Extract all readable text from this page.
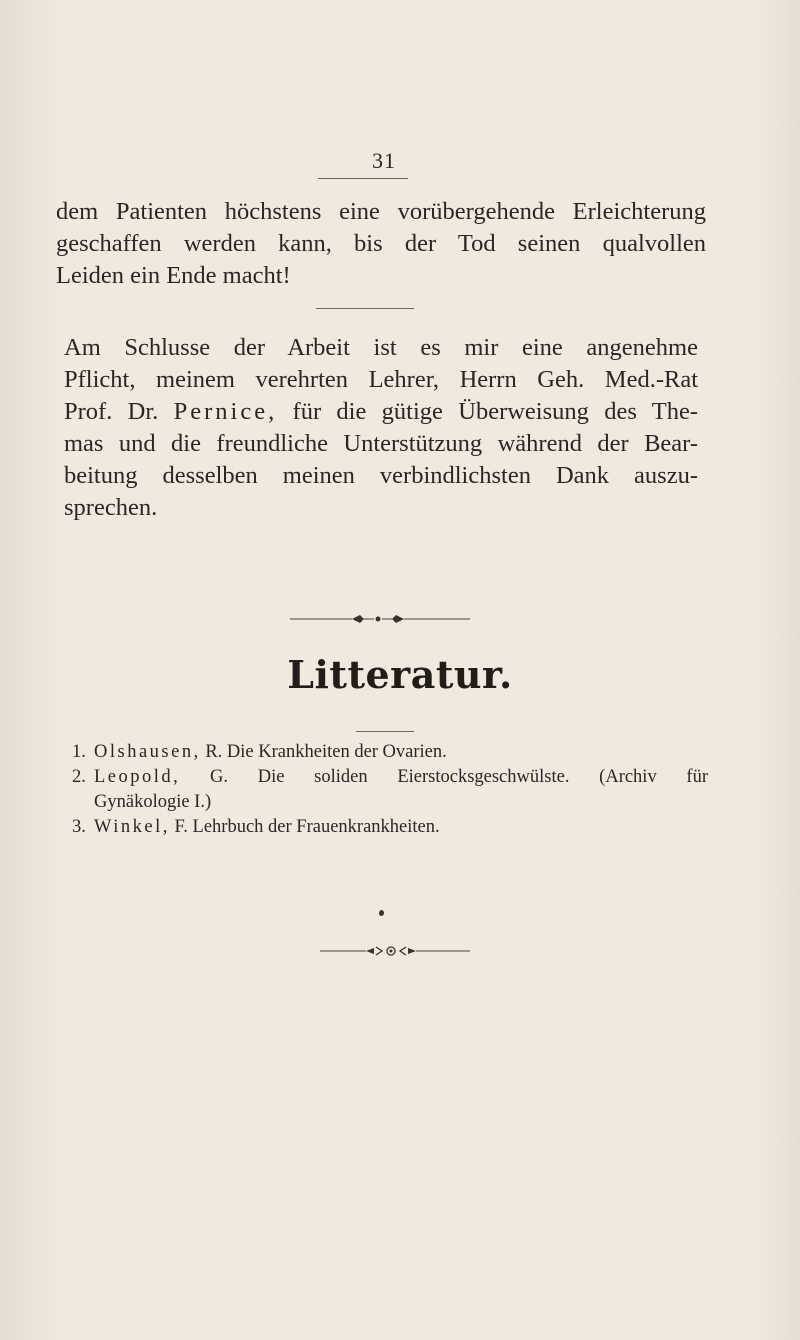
31

dem Patienten höchstens eine vorübergehende Erleichterung
geschaffen werden kann, bis der Tod seinen qualvollen
Leiden ein Ende macht!

Am Schlusse der Arbeit ist es mir eine angenehme
Pflicht, meinem verehrten Lehrer, Herrn Geh. Med.-Rat
Prof. Dr. Pernice, für die gütige Überweisung des The-
mas und die freundliche Unterstützung während der Bear-
beitung desselben meinen verbindlichsten Dank auszu-
sprechen.

Litteratur.
1. Olshausen, R. Die Krankheiten der Ovarien.
2. Leopold, G. Die soliden Eierstocksgeschwülste. (Archiv für
Gynäkologie I.)
3. Winkel, F. Lehrbuch der Frauenkrankheiten.
